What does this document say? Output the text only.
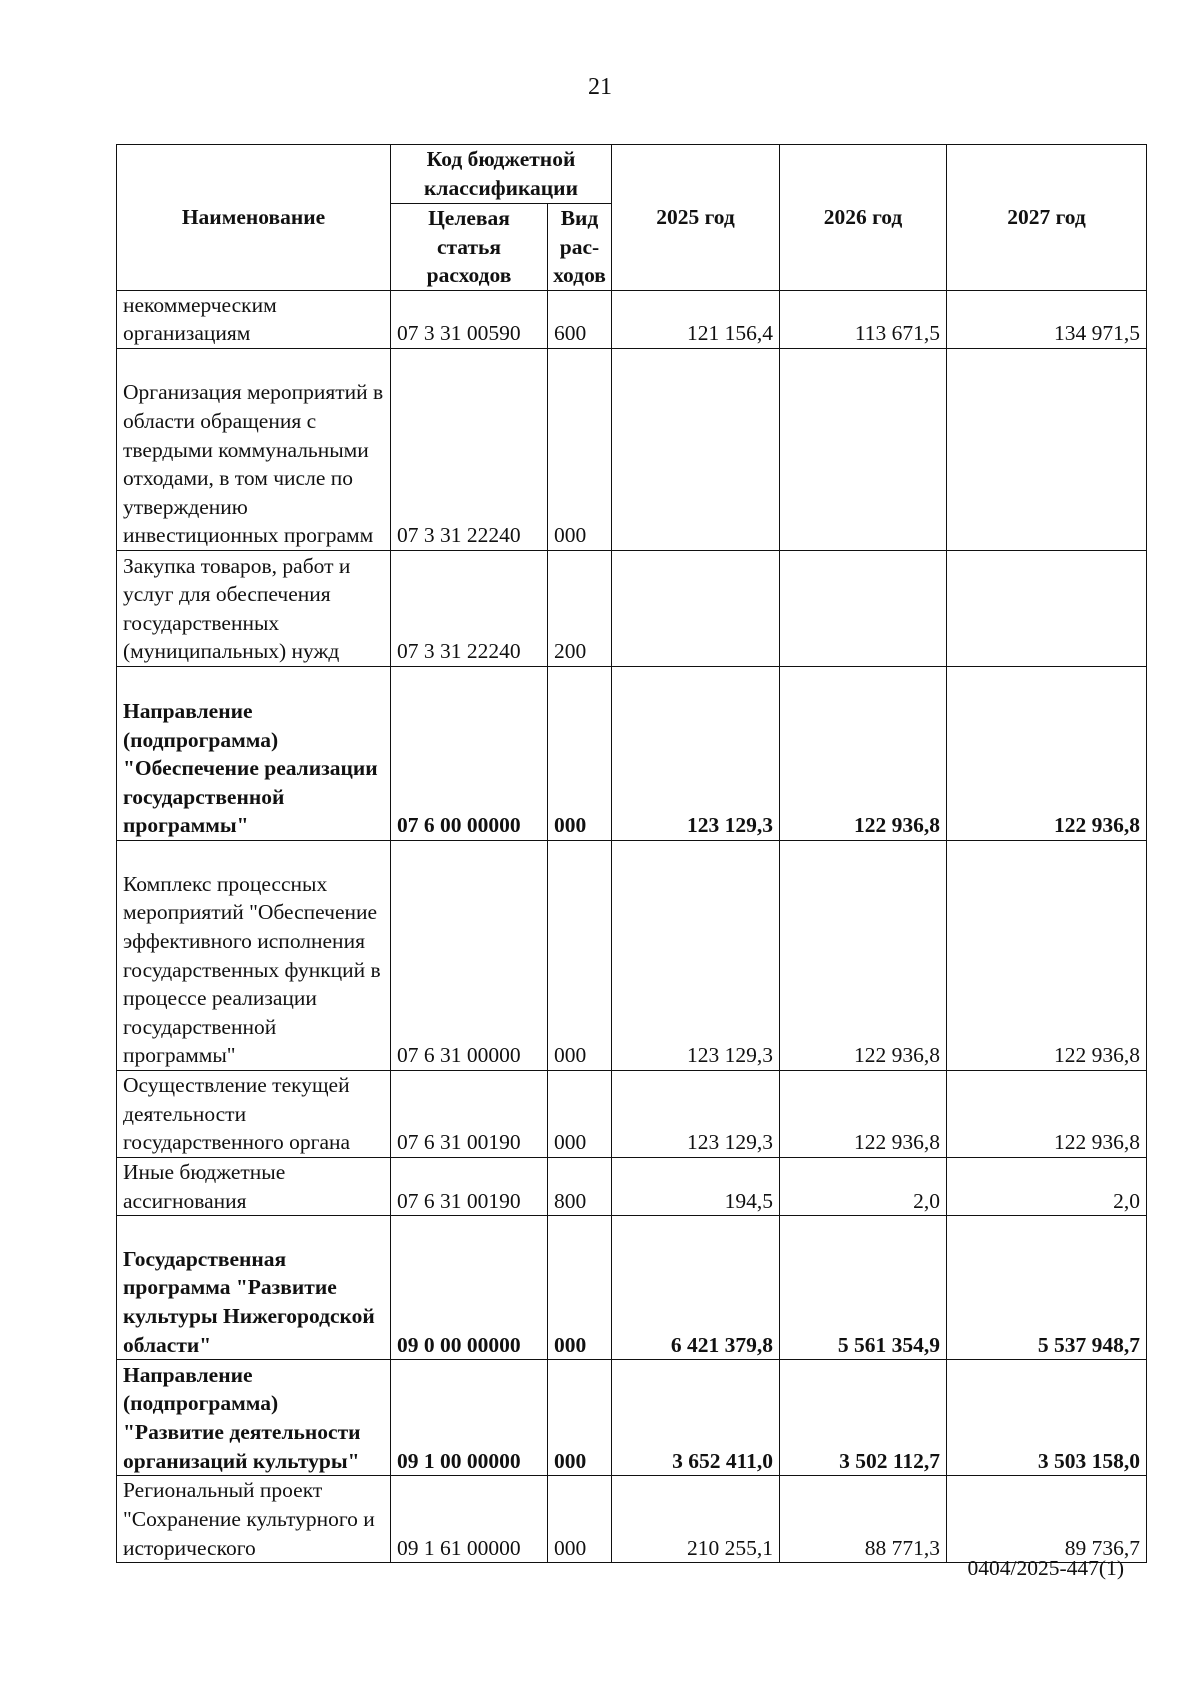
21
Наименование	Код бюджетной классификации		2025 год	2026 год	2027 год
	Целевая статья расходов	Вид рас-ходов			
некоммерческим организациям	07 3 31 00590	600	121 156,4	113 671,5	134 971,5
Организация мероприятий в области обращения с твердыми коммунальными отходами, в том числе по утверждению инвестиционных программ	07 3 31 22240	000			
Закупка товаров, работ и услуг для обеспечения государственных (муниципальных) нужд	07 3 31 22240	200			
Направление (подпрограмма) "Обеспечение реализации государственной программы"	07 6 00 00000	000	123 129,3	122 936,8	122 936,8
Комплекс процессных мероприятий "Обеспечение эффективного исполнения государственных функций в процессе реализации государственной программы"	07 6 31 00000	000	123 129,3	122 936,8	122 936,8
Осуществление текущей деятельности государственного органа	07 6 31 00190	000	123 129,3	122 936,8	122 936,8
Иные бюджетные ассигнования	07 6 31 00190	800	194,5	2,0	2,0
Государственная программа "Развитие культуры Нижегородской области"	09 0 00 00000	000	6 421 379,8	5 561 354,9	5 537 948,7
Направление (подпрограмма) "Развитие деятельности организаций культуры"	09 1 00 00000	000	3 652 411,0	3 502 112,7	3 503 158,0
Региональный проект "Сохранение культурного и исторического	09 1 61 00000	000	210 255,1	88 771,3	89 736,7
0404/2025-447(1)
